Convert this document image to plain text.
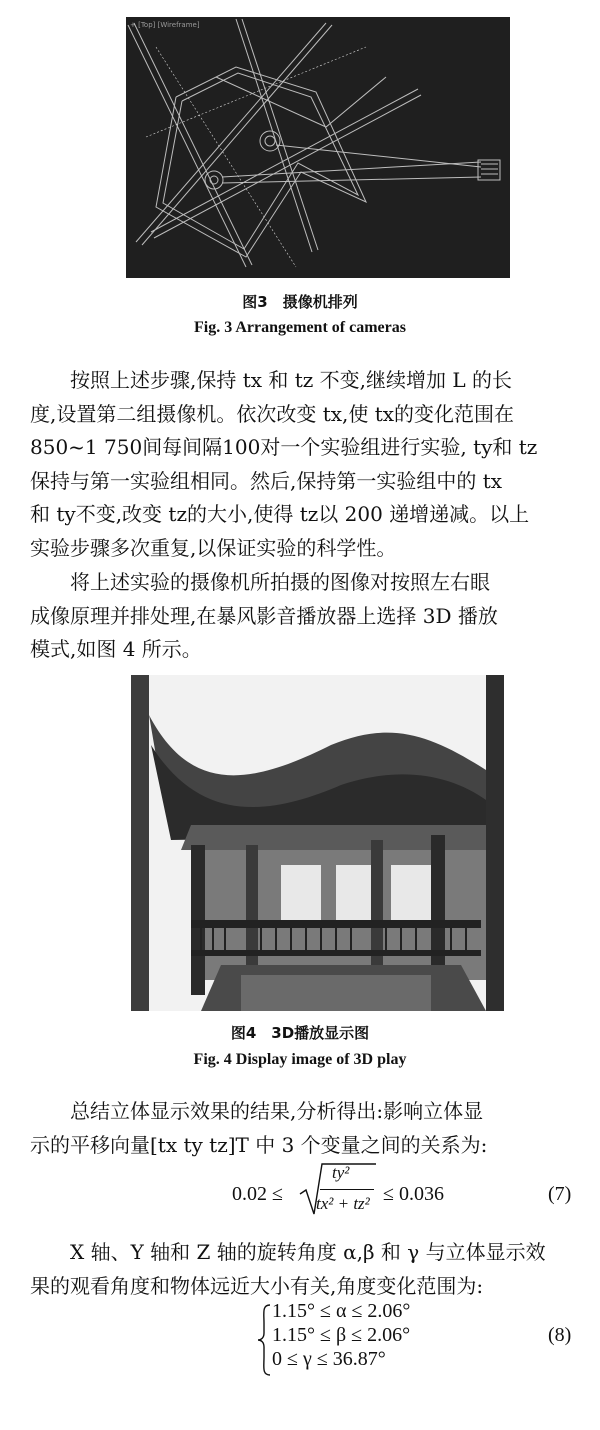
+ [Top] [Wireframe]
图3　摄像机排列
Fig. 3 Arrangement of cameras
按照上述步骤,保持 tx 和 tz 不变,继续增加 L 的长
度,设置第二组摄像机。依次改变 tx,使 tx的变化范围在
850~1 750间每间隔100对一个实验组进行实验, ty和 tz
保持与第一实验组相同。然后,保持第一实验组中的 tx
和 ty不变,改变 tz的大小,使得 tz以 200 递增递减。以上
实验步骤多次重复,以保证实验的科学性。
将上述实验的摄像机所拍摄的图像对按照左右眼
成像原理并排处理,在暴风影音播放器上选择 3D 播放
模式,如图 4 所示。
图4　3D播放显示图
Fig. 4 Display image of 3D play
总结立体显示效果的结果,分析得出:影响立体显
示的平移向量[tx ty tz]T 中 3 个变量之间的关系为:
0.02 ≤
ty²
tx² + tz² ≤ 0.036	(7)
X 轴、Y 轴和 Z 轴的旋转角度 α,β 和 γ 与立体显示效
果的观看角度和物体远近大小有关,角度变化范围为:
1.15° ≤ α ≤ 2.06°
1.15° ≤ β ≤ 2.06°
0 ≤ γ ≤ 36.87°
(8)
